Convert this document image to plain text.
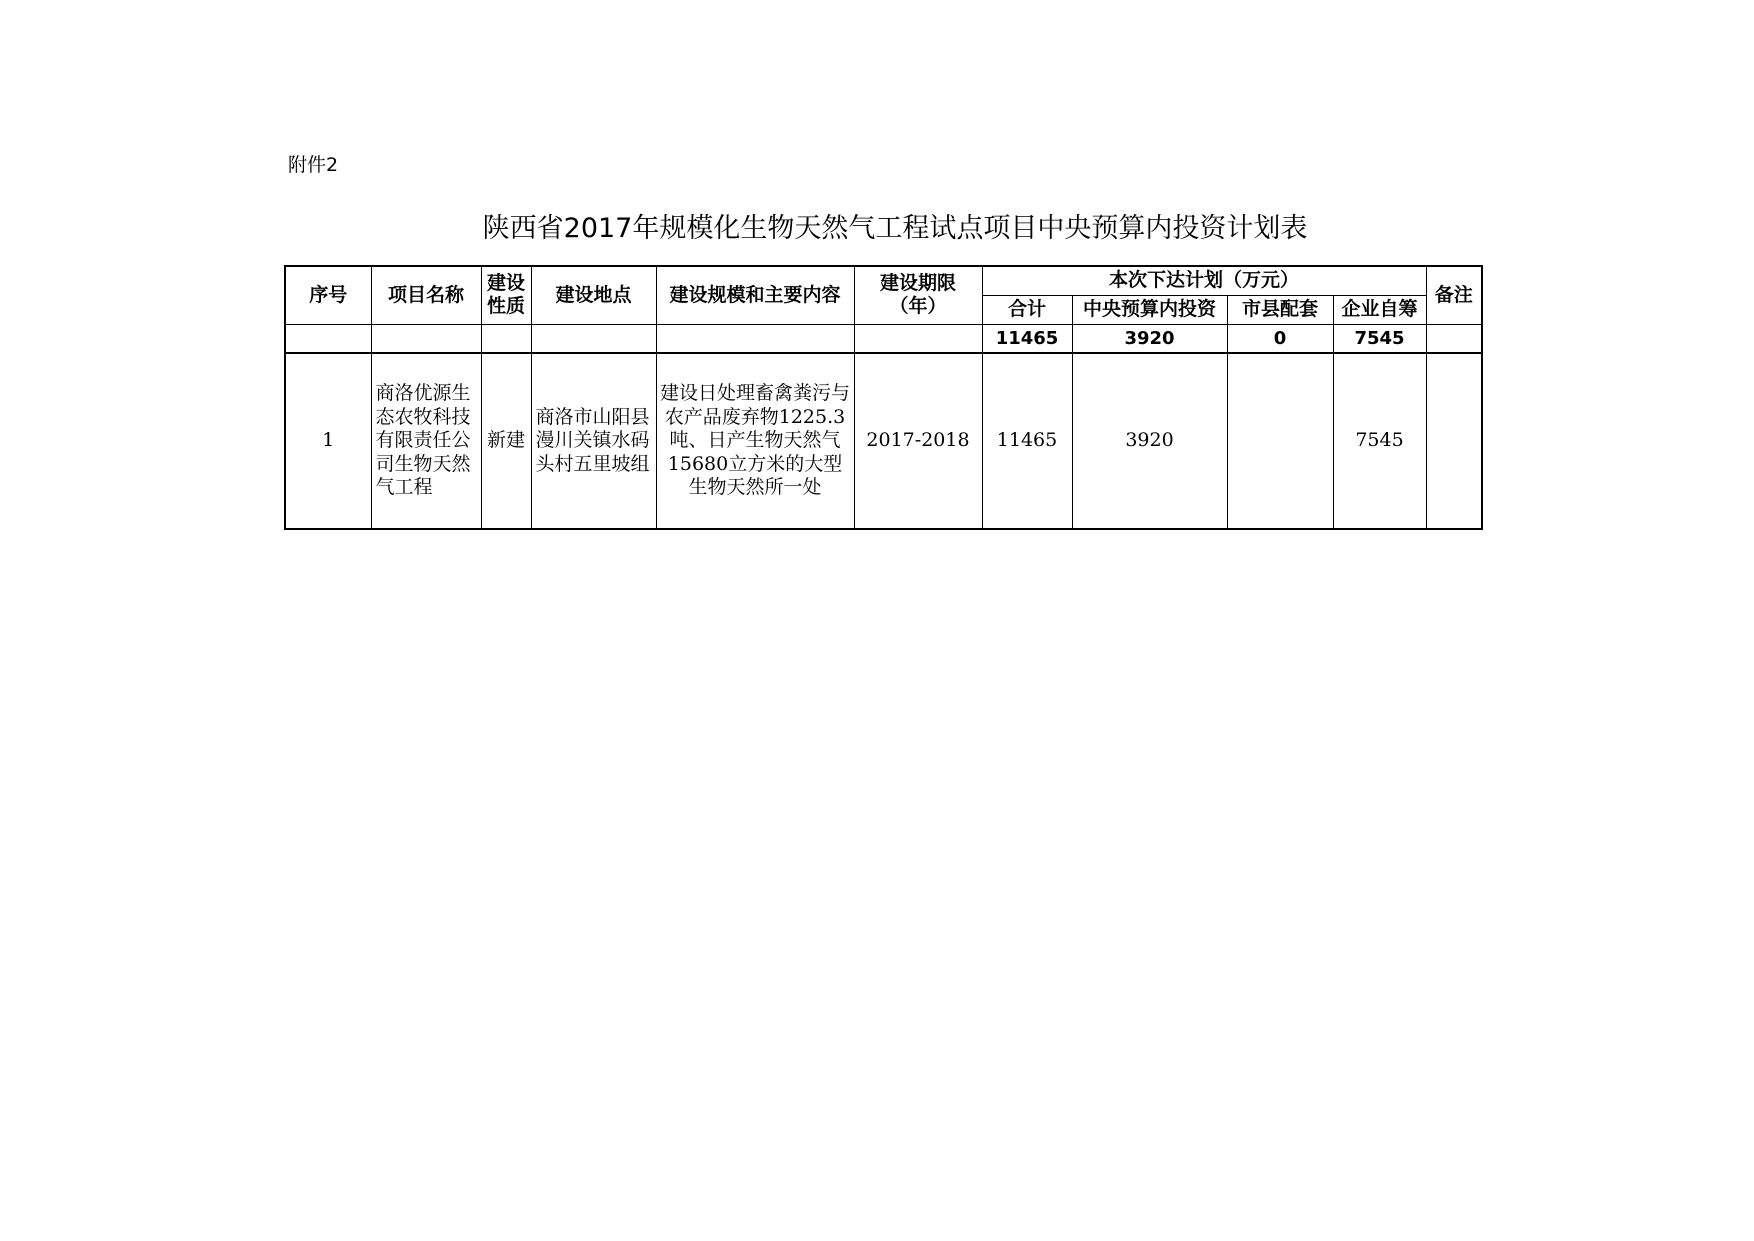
附件2
陕西省2017年规模化生物天然气工程试点项目中央预算内投资计划表
序号	项目名称	建设性质	建设地点	建设规模和主要内容	建设期限（年）	本次下达计划（万元）				备注
						合计	中央预算内投资	市县配套	企业自筹	
						11465	3920	0	7545	
1	商洛优源生态农牧科技有限责任公司生物天然气工程	新建	商洛市山阳县漫川关镇水码头村五里坡组	建设日处理畜禽粪污与农产品废弃物1225.3吨、日产生物天然气15680立方米的大型生物天然所一处	2017-2018	11465	3920		7545	
